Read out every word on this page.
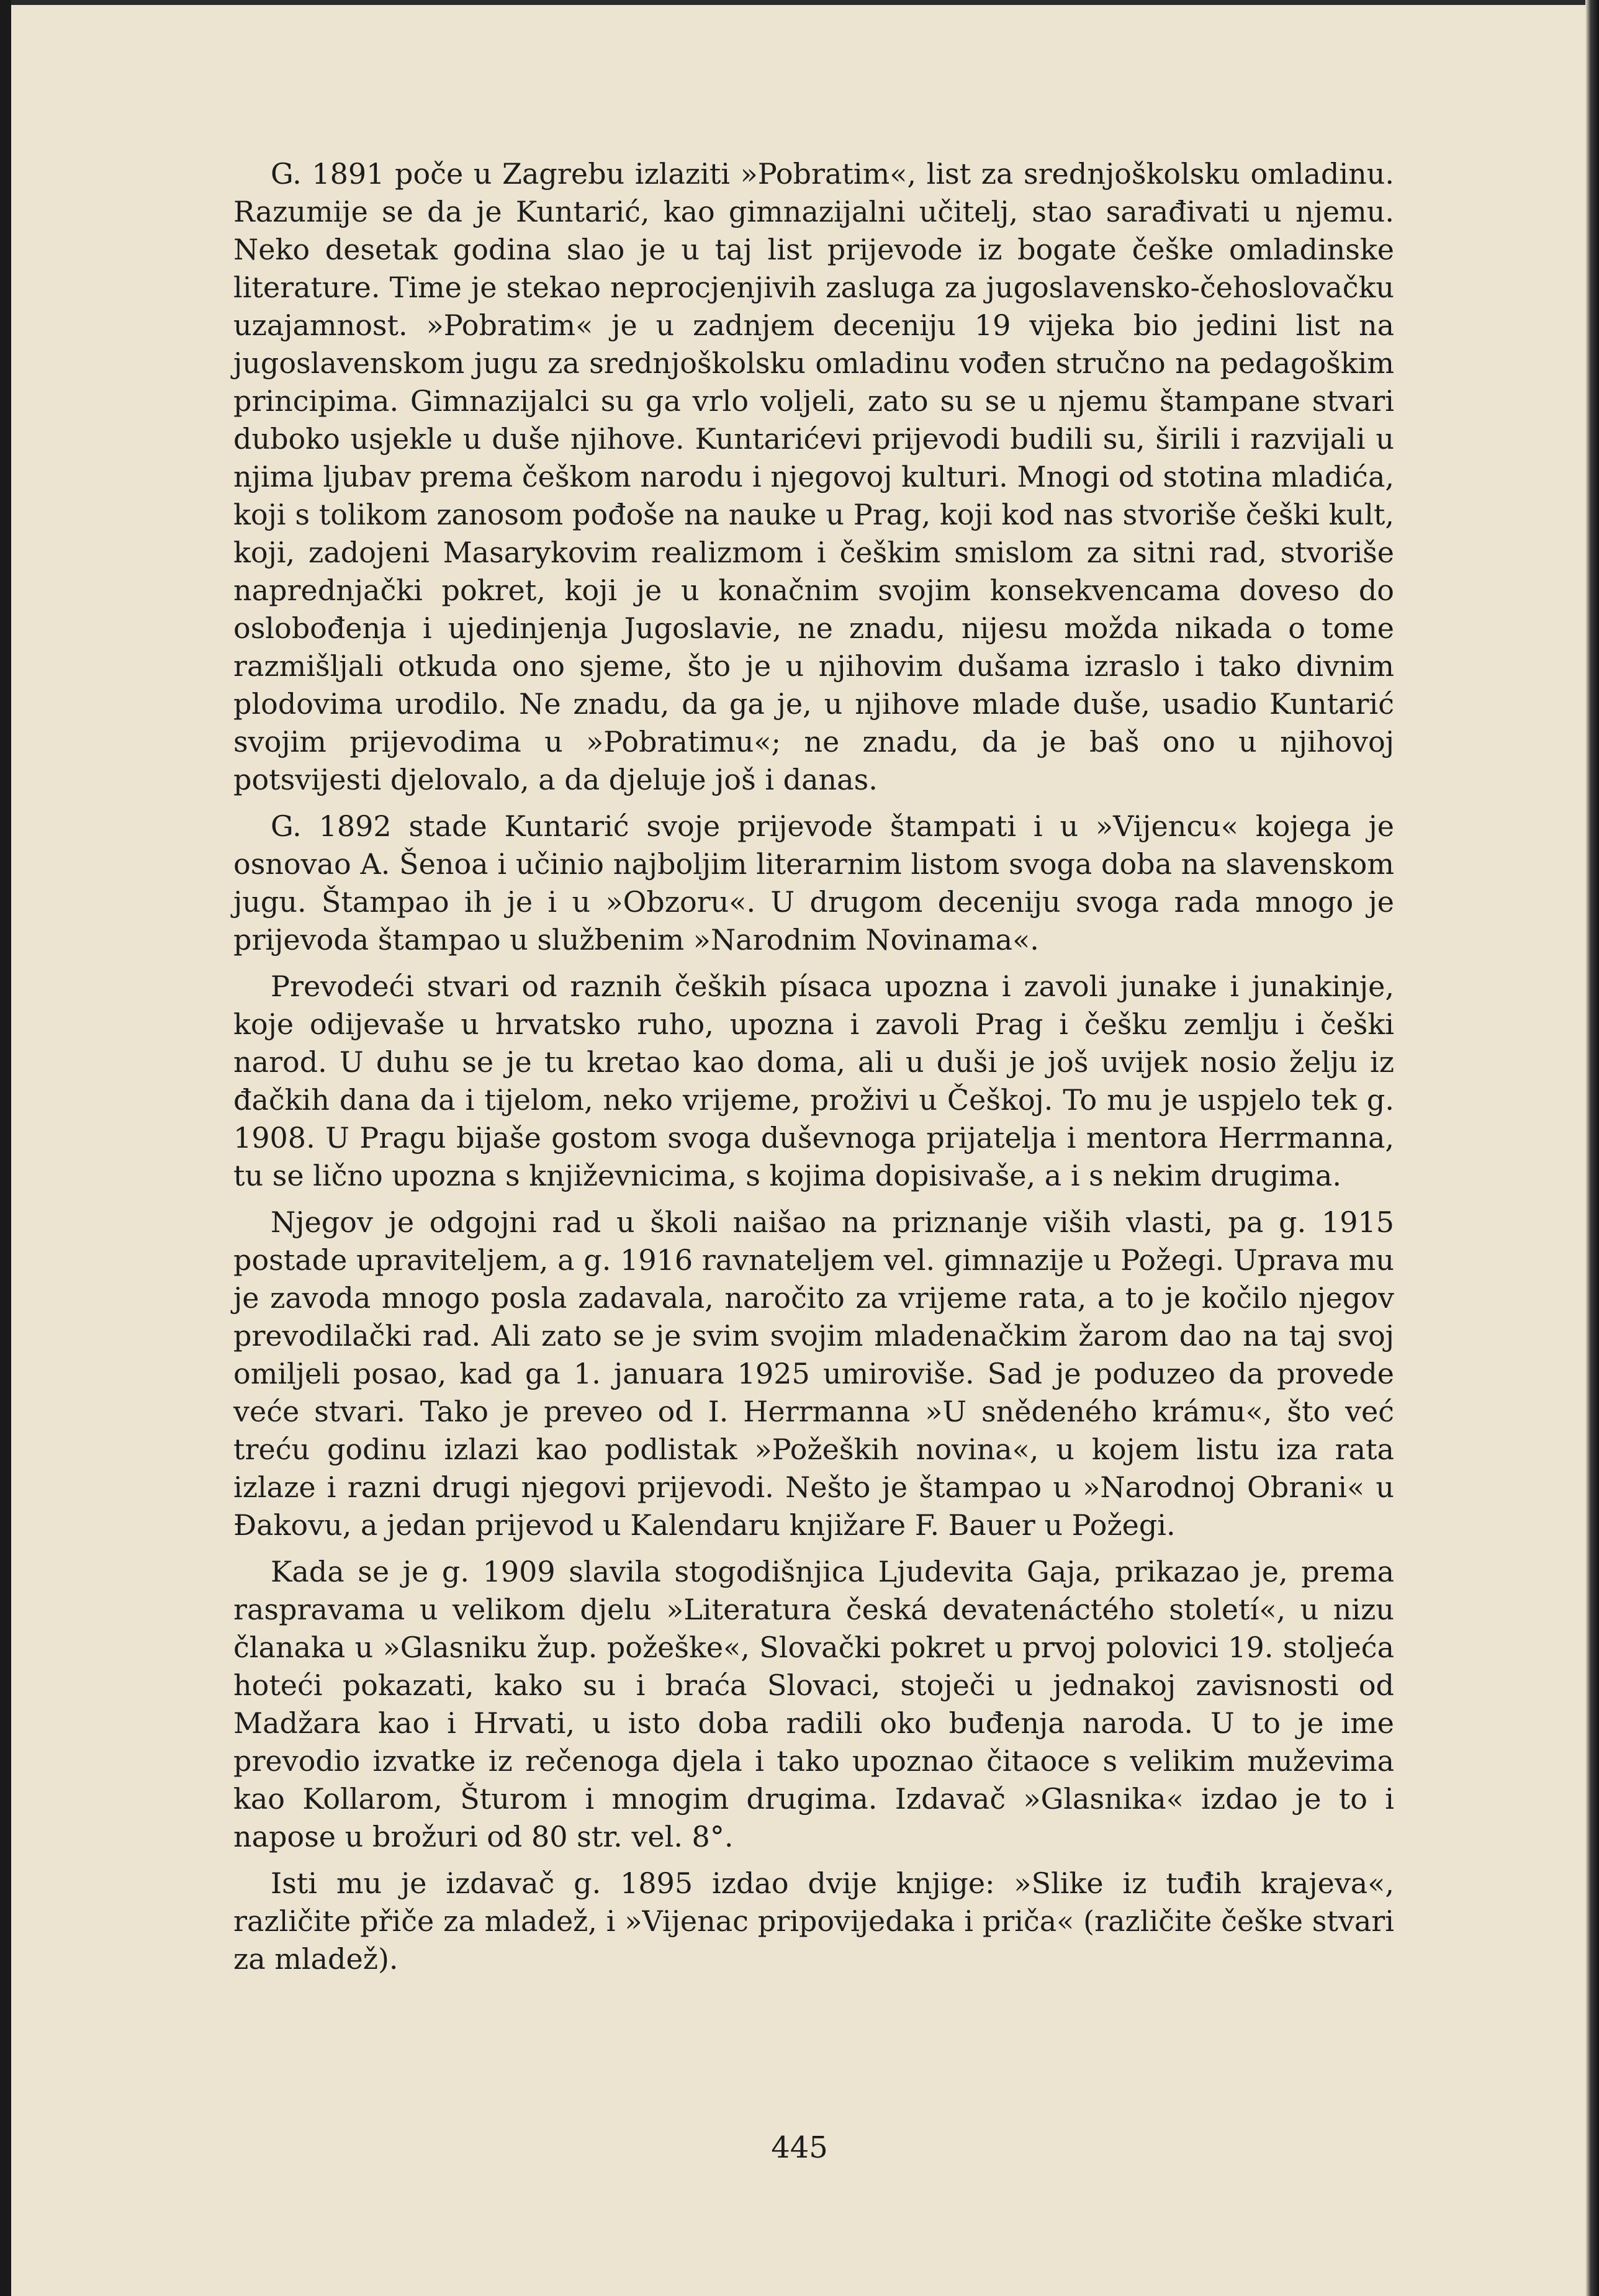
G. 1891 poče u Zagrebu izlaziti »Pobratim«, list za srednjoškolsku omladinu. Razumije se da je Kuntarić, kao gimnazijalni učitelj, stao sarađivati u njemu. Neko desetak godina slao je u taj list prijevode iz bogate češke omladinske literature. Time je stekao neprocjenjivih zasluga za jugoslavensko-čehoslovačku uzajamnost. »Pobratim« je u zadnjem deceniju 19 vijeka bio jedini list na jugoslavenskom jugu za srednjoškolsku omladinu vođen stručno na pedagoškim principima. Gimnazijalci su ga vrlo voljeli, zato su se u njemu štampane stvari duboko usjekle u duše njihove. Kuntarićevi prijevodi budili su, širili i razvijali u njima ljubav prema češkom narodu i njegovoj kulturi. Mnogi od stotina mladića, koji s tolikom zanosom pođoše na nauke u Prag, koji kod nas stvoriše češki kult, koji, zadojeni Masarykovim realizmom i češkim smislom za sitni rad, stvoriše naprednjački pokret, koji je u konačnim svojim konsekvencama doveso do oslobođenja i ujedinjenja Jugoslavie, ne znadu, nijesu možda nikada o tome razmišljali otkuda ono sjeme, što je u njihovim dušama izraslo i tako divnim plodovima urodilo. Ne znadu, da ga je, u njihove mlade duše, usadio Kuntarić svojim prijevodima u »Pobratimu«; ne znadu, da je baš ono u njihovoj potsvijesti djelovalo, a da djeluje još i danas.

G. 1892 stade Kuntarić svoje prijevode štampati i u »Vijencu« kojega je osnovao A. Šenoa i učinio najboljim literarnim listom svoga doba na slavenskom jugu. Štampao ih je i u »Obzoru«. U drugom deceniju svoga rada mnogo je prijevoda štampao u službenim »Narodnim Novinama«.

Prevodeći stvari od raznih čeških písaca upozna i zavoli junake i junakinje, koje odijevaše u hrvatsko ruho, upozna i zavoli Prag i češku zemlju i češki narod. U duhu se je tu kretao kao doma, ali u duši je još uvijek nosio želju iz đačkih dana da i tijelom, neko vrijeme, proživi u Češkoj. To mu je uspjelo tek g. 1908. U Pragu bijaše gostom svoga duševnoga prijatelja i mentora Herrmanna, tu se lično upozna s književnicima, s kojima dopisivaše, a i s nekim drugima.

Njegov je odgojni rad u školi naišao na priznanje viših vlasti, pa g. 1915 postade upraviteljem, a g. 1916 ravnateljem vel. gimnazije u Požegi. Uprava mu je zavoda mnogo posla zadavala, naročito za vrijeme rata, a to je kočilo njegov prevodilački rad. Ali zato se je svim svojim mladenačkim žarom dao na taj svoj omiljeli posao, kad ga 1. januara 1925 umiroviše. Sad je poduzeo da provede veće stvari. Tako je preveo od I. Herrmanna »U snědeného krámu«, što već treću godinu izlazi kao podlistak »Požeških novina«, u kojem listu iza rata izlaze i razni drugi njegovi prijevodi. Nešto je štampao u »Narodnoj Obrani« u Đakovu, a jedan prijevod u Kalendaru knjižare F. Bauer u Požegi.

Kada se je g. 1909 slavila stogodišnjica Ljudevita Gaja, prikazao je, prema raspravama u velikom djelu »Literatura česká devatenáctého století«, u nizu članaka u »Glasniku žup. požeške«, Slovački pokret u prvoj polovici 19. stoljeća hoteći pokazati, kako su i braća Slovaci, stoječi u jednakoj zavisnosti od Madžara kao i Hrvati, u isto doba radili oko buđenja naroda. U to je ime prevodio izvatke iz rečenoga djela i tako upoznao čitaoce s velikim muževima kao Kollarom, Šturom i mnogim drugima. Izdavač »Glasnika« izdao je to i napose u brožuri od 80 str. vel. 8°.

Isti mu je izdavač g. 1895 izdao dvije knjige: »Slike iz tuđih krajeva«, različite přiče za mladež, i »Vijenac pripovijedaka i priča« (različite češke stvari za mladež).

445
